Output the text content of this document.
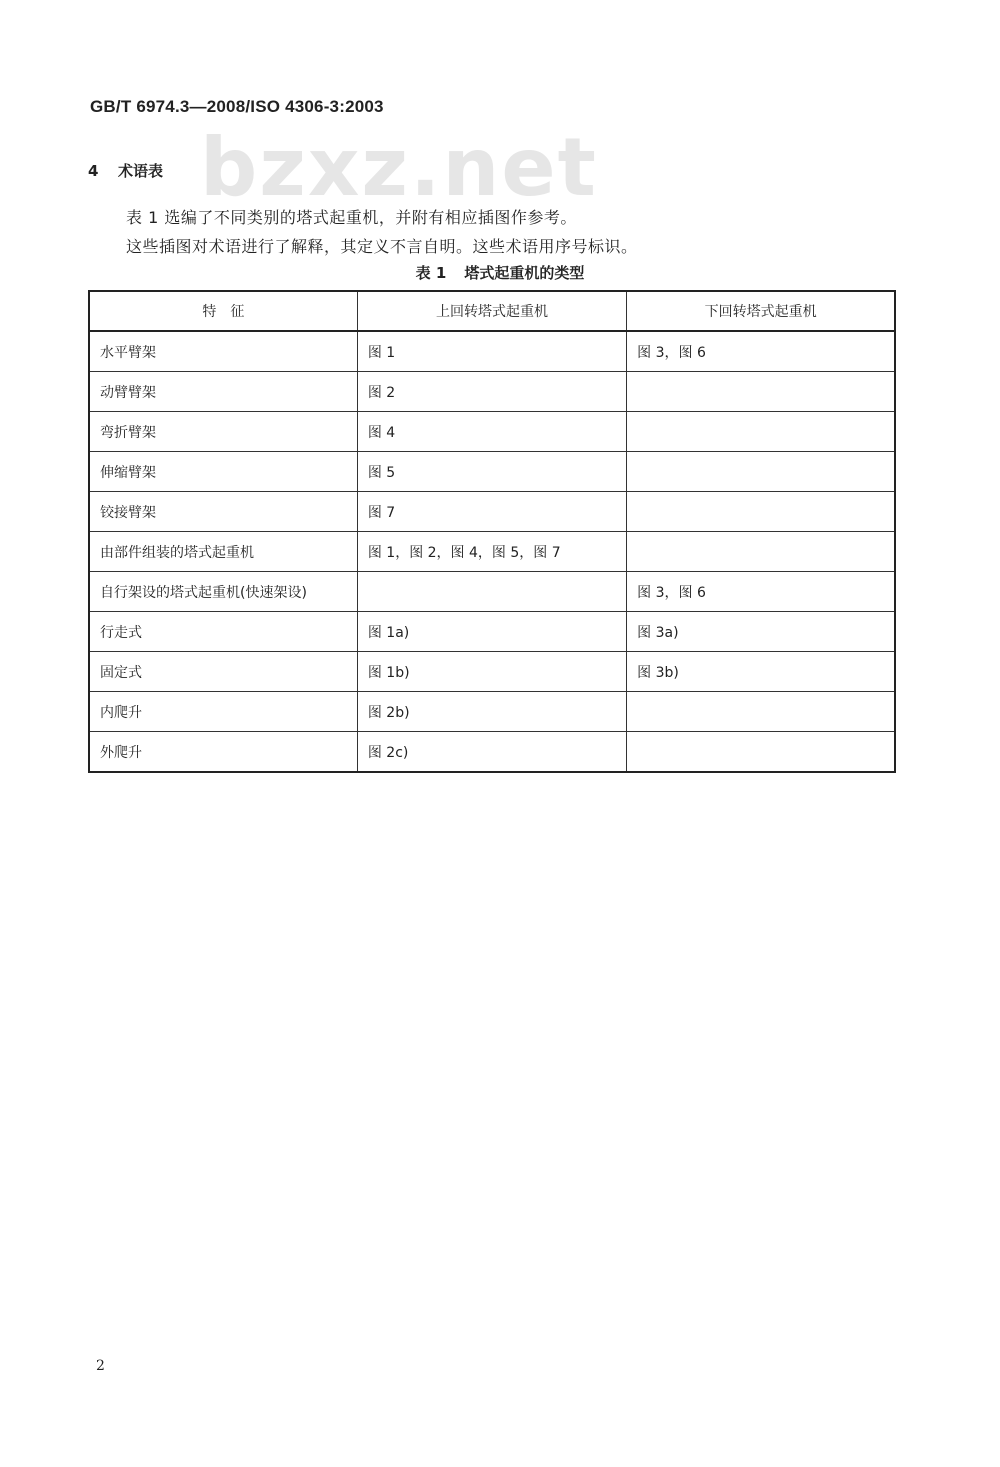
GB/T 6974.3—2008/ISO 4306-3:2003
bzxz.net
4 术语表
表 1 选编了不同类别的塔式起重机，并附有相应插图作参考。
这些插图对术语进行了解释，其定义不言自明。这些术语用序号标识。
表 1 塔式起重机的类型
特　征	上回转塔式起重机	下回转塔式起重机
水平臂架	图 1	图 3，图 6
动臂臂架	图 2	
弯折臂架	图 4	
伸缩臂架	图 5	
铰接臂架	图 7	
由部件组装的塔式起重机	图 1，图 2，图 4，图 5，图 7	
自行架设的塔式起重机(快速架设)		图 3，图 6
行走式	图 1a)	图 3a)
固定式	图 1b)	图 3b)
内爬升	图 2b)	
外爬升	图 2c)	
2
